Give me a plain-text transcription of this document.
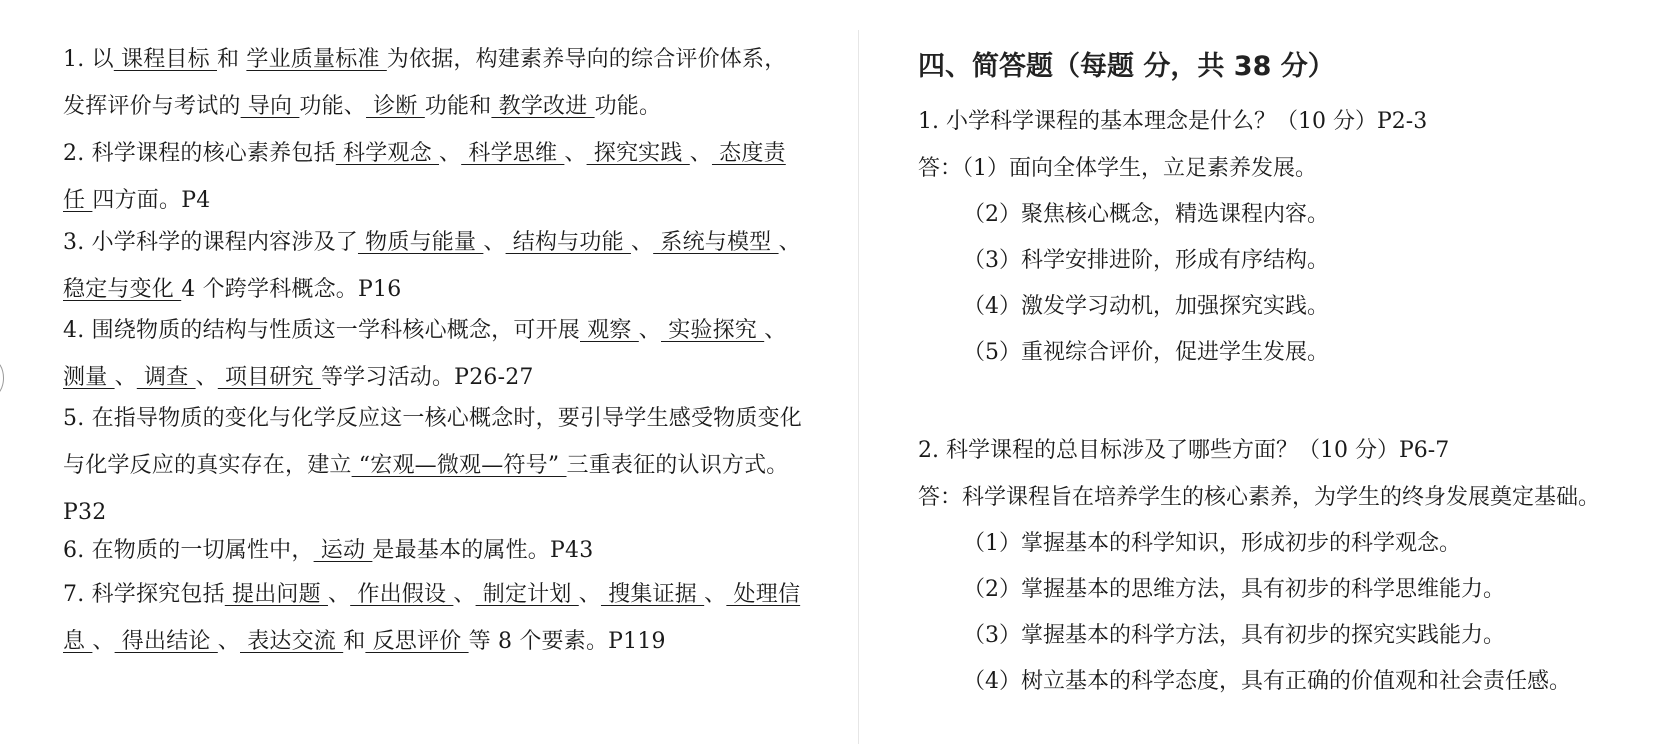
1. 以 课程目标 和 学业质量标准 为依据，构建素养导向的综合评价体系，发挥评价与考试的 导向 功能、 诊断 功能和 教学改进 功能。
2. 科学课程的核心素养包括 科学观念 、 科学思维 、 探究实践 、 态度责任 四方面。P4
3. 小学科学的课程内容涉及了 物质与能量 、 结构与功能 、 系统与模型 、 稳定与变化 4 个跨学科概念。P16
4. 围绕物质的结构与性质这一学科核心概念，可开展 观察 、 实验探究 、 测量 、 调查 、 项目研究 等学习活动。P26-27
5. 在指导物质的变化与化学反应这一核心概念时，要引导学生感受物质变化与化学反应的真实存在，建立 “宏观—微观—符号” 三重表征的认识方式。P32
6. 在物质的一切属性中， 运动 是最基本的属性。P43
7. 科学探究包括 提出问题 、 作出假设 、 制定计划 、 搜集证据 、 处理信息 、 得出结论 、 表达交流 和 反思评价 等 8 个要素。P119
四、简答题（每题 分，共 38 分）
1. 小学科学课程的基本理念是什么？（10 分）P2-3
答：（1）面向全体学生，立足素养发展。
（2）聚焦核心概念，精选课程内容。
（3）科学安排进阶，形成有序结构。
（4）激发学习动机，加强探究实践。
（5）重视综合评价，促进学生发展。
2. 科学课程的总目标涉及了哪些方面？（10 分）P6-7
答：科学课程旨在培养学生的核心素养，为学生的终身发展奠定基础。
（1）掌握基本的科学知识，形成初步的科学观念。
（2）掌握基本的思维方法，具有初步的科学思维能力。
（3）掌握基本的科学方法，具有初步的探究实践能力。
（4）树立基本的科学态度，具有正确的价值观和社会责任感。
